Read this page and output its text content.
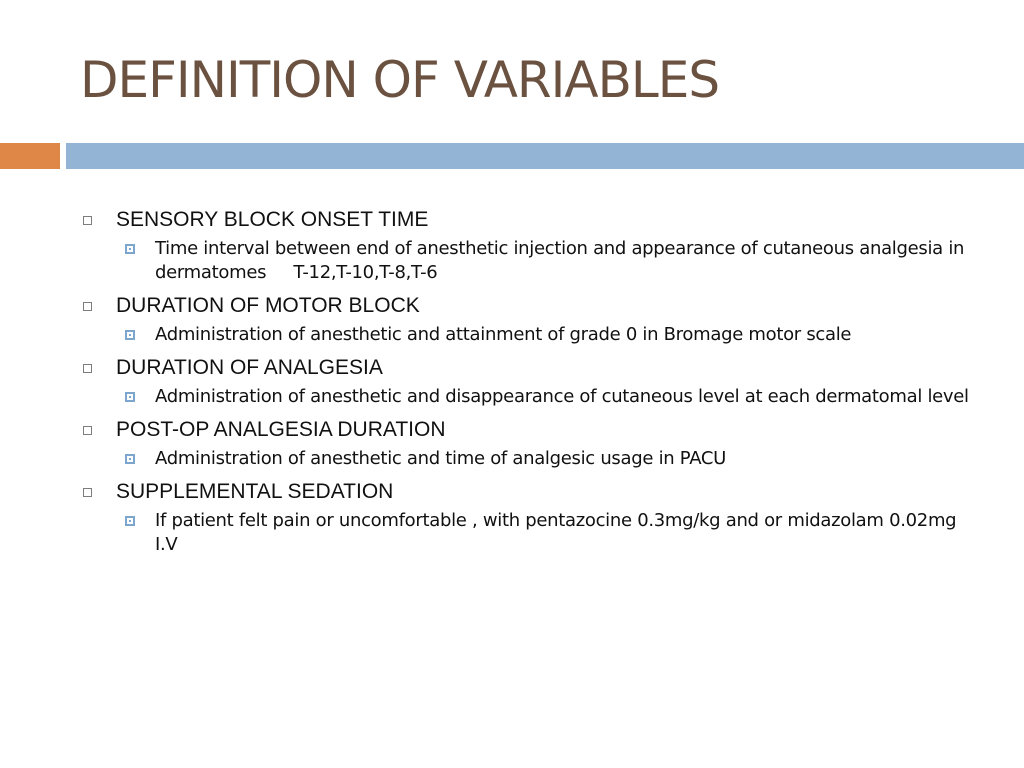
DEFINITION OF VARIABLES
SENSORY BLOCK ONSET TIME
Time interval between end of anesthetic injection and appearance of cutaneous analgesia in dermatomes     T-12,T-10,T-8,T-6
DURATION OF MOTOR BLOCK
Administration of anesthetic and attainment of grade 0 in Bromage motor scale
DURATION OF ANALGESIA
Administration of anesthetic and disappearance of cutaneous level at each dermatomal level
POST-OP ANALGESIA DURATION
Administration of anesthetic and time of analgesic usage in PACU
SUPPLEMENTAL SEDATION
If patient felt pain or uncomfortable , with pentazocine 0.3mg/kg and or midazolam 0.02mg I.V
